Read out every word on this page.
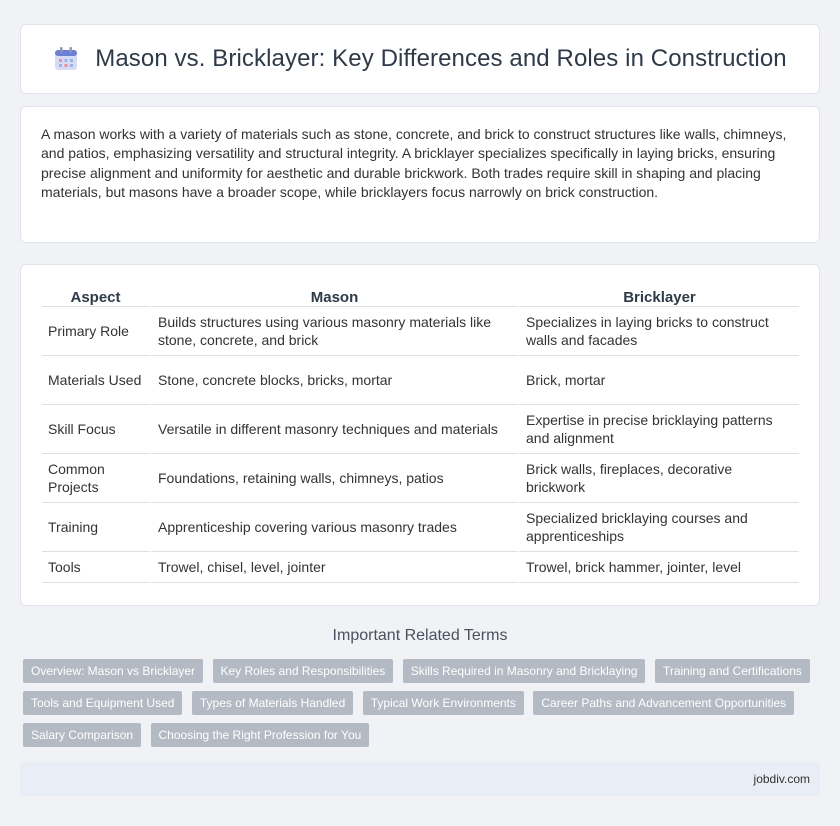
Mason vs. Bricklayer: Key Differences and Roles in Construction

A mason works with a variety of materials such as stone, concrete, and brick to construct structures like walls, chimneys, and patios, emphasizing versatility and structural integrity. A bricklayer specializes specifically in laying bricks, ensuring precise alignment and uniformity for aesthetic and durable brickwork. Both trades require skill in shaping and placing materials, but masons have a broader scope, while bricklayers focus narrowly on brick construction.

Aspect	Mason	Bricklayer
Primary Role	Builds structures using various masonry materials like stone, concrete, and brick	Specializes in laying bricks to construct walls and facades
Materials Used	Stone, concrete blocks, bricks, mortar	Brick, mortar
Skill Focus	Versatile in different masonry techniques and materials	Expertise in precise bricklaying patterns and alignment
Common Projects	Foundations, retaining walls, chimneys, patios	Brick walls, fireplaces, decorative brickwork
Training	Apprenticeship covering various masonry trades	Specialized bricklaying courses and apprenticeships
Tools	Trowel, chisel, level, jointer	Trowel, brick hammer, jointer, level
Important Related Terms
Overview: Mason vs Bricklayer Key Roles and Responsibilities Skills Required in Masonry and Bricklaying Training and Certifications Tools and Equipment Used Types of Materials Handled Typical Work Environments Career Paths and Advancement Opportunities Salary Comparison Choosing the Right Profession for You
jobdiv.com
